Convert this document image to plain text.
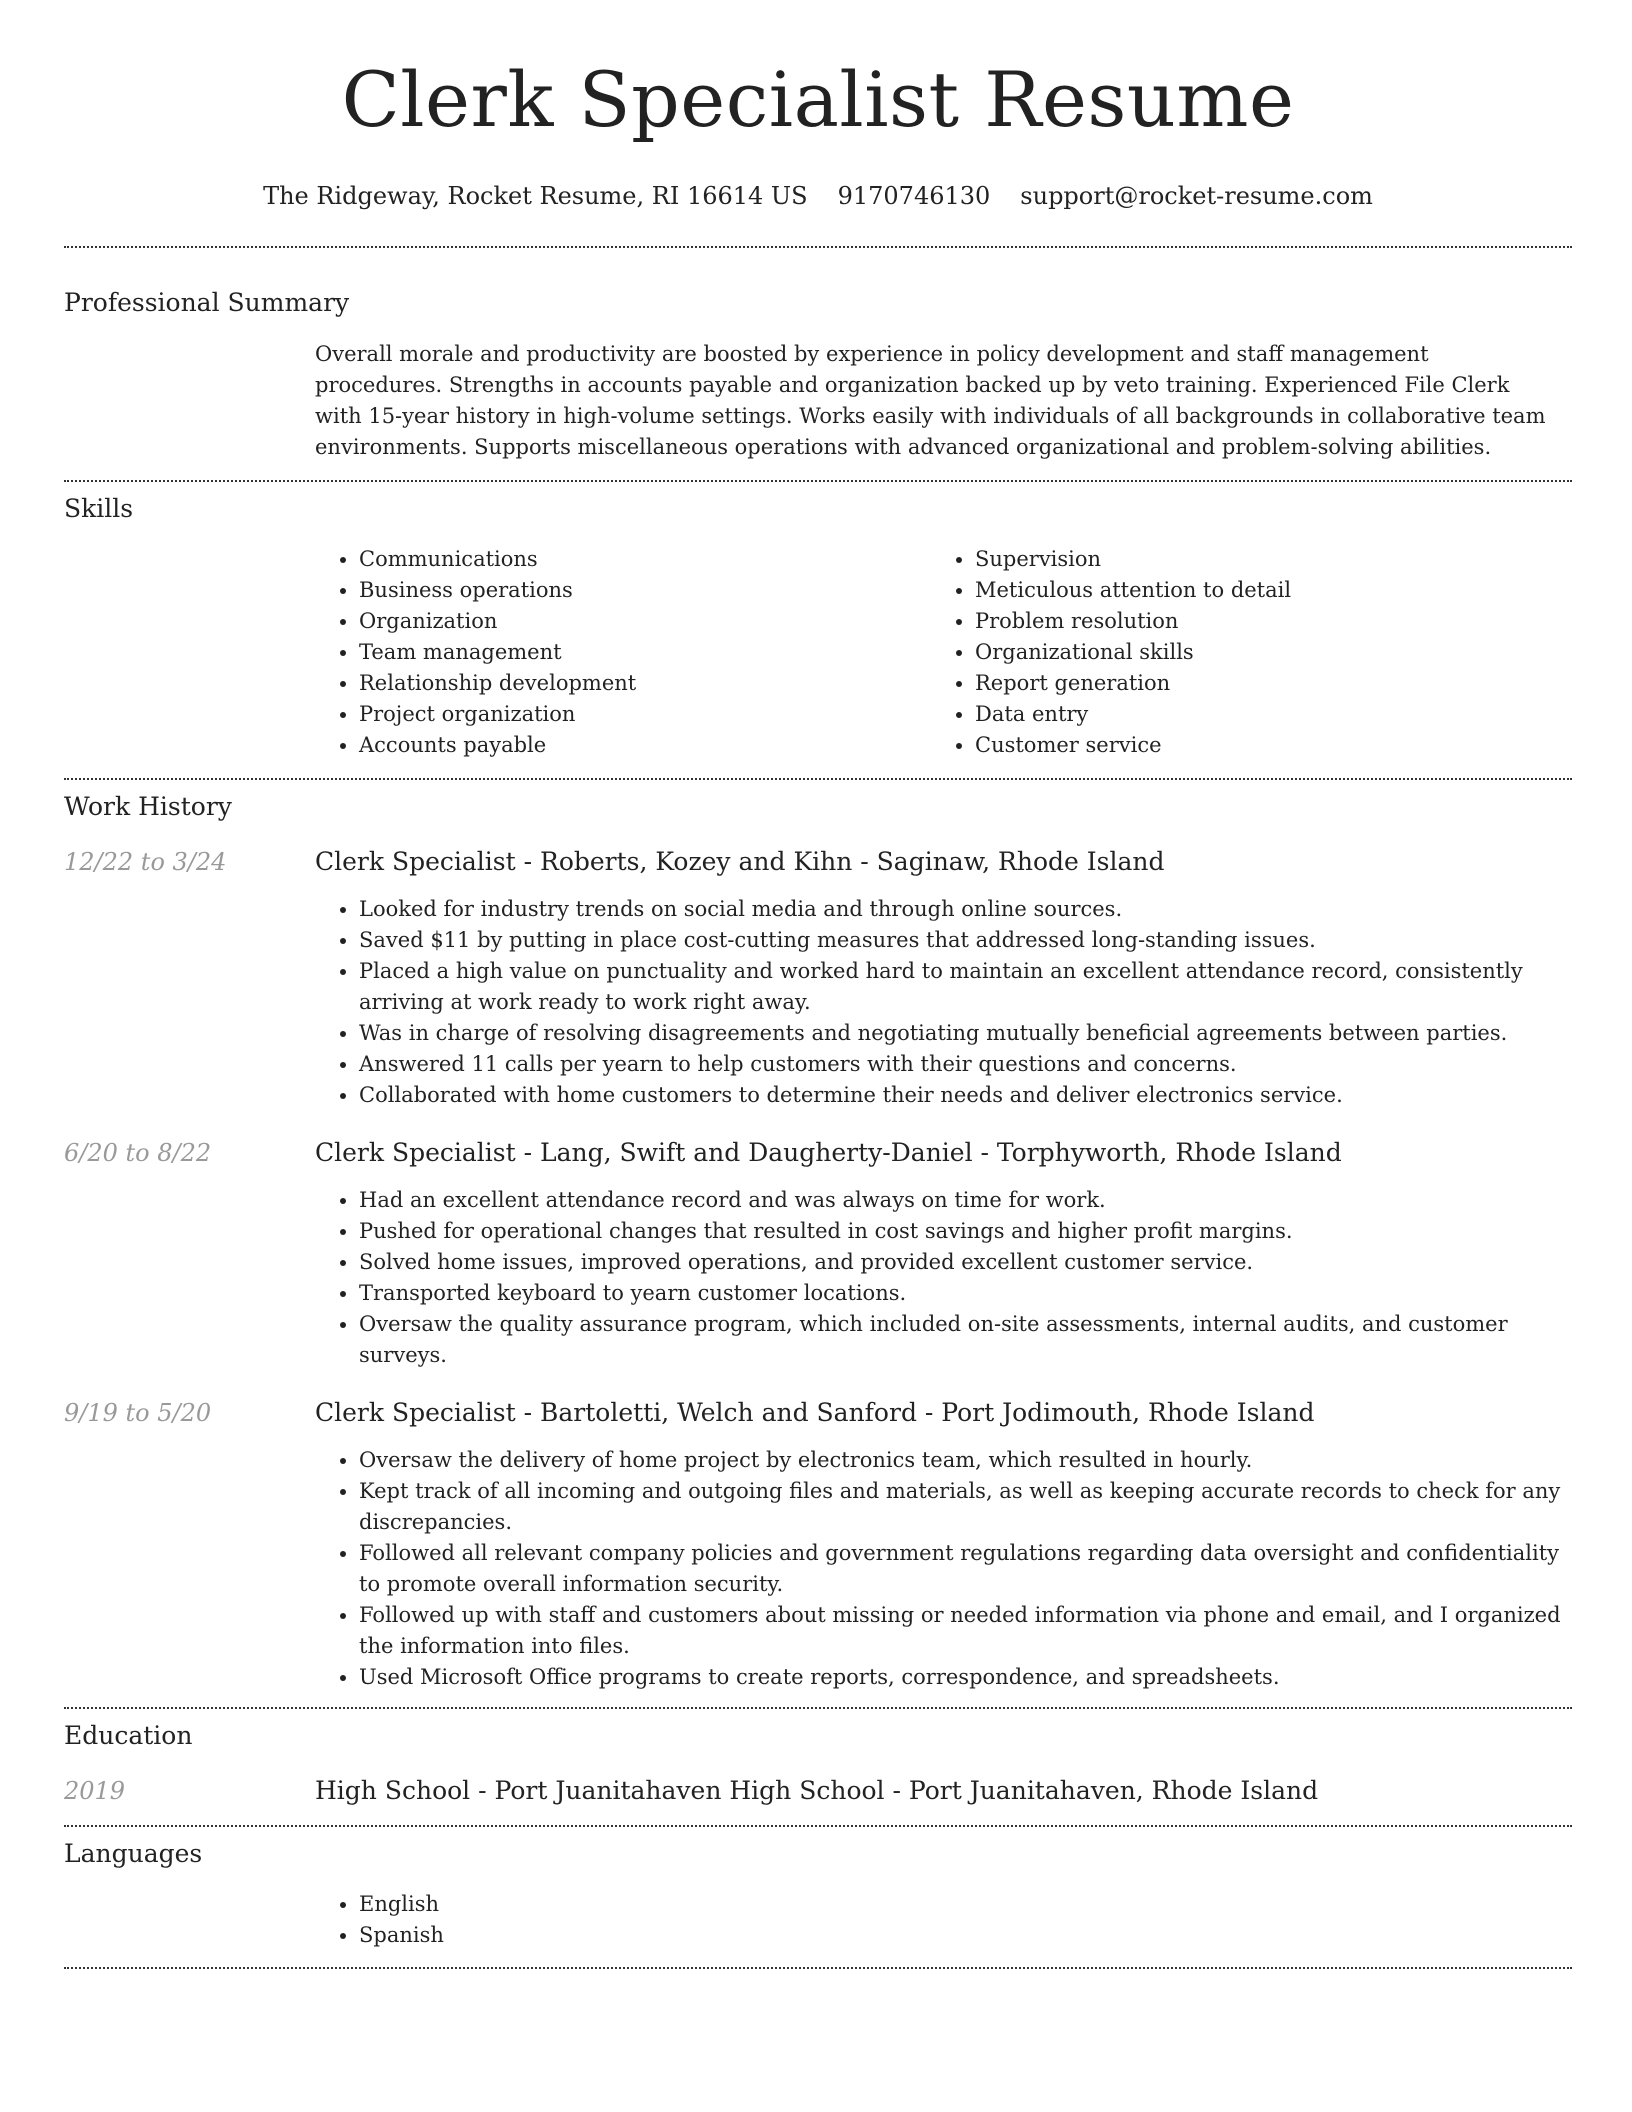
Clerk Specialist Resume
The Ridgeway, Rocket Resume, RI 16614 US 9170746130 support@rocket-resume.com
Professional Summary
Overall morale and productivity are boosted by experience in policy development and staff management procedures. Strengths in accounts payable and organization backed up by veto training. Experienced File Clerk with 15-year history in high-volume settings. Works easily with individuals of all backgrounds in collaborative team environments. Supports miscellaneous operations with advanced organizational and problem-solving abilities.
Skills
• Communications
• Business operations
• Organization
• Team management
• Relationship development
• Project organization
• Accounts payable
• Supervision
• Meticulous attention to detail
• Problem resolution
• Organizational skills
• Report generation
• Data entry
• Customer service
Work History
12/22 to 3/24	Clerk Specialist - Roberts, Kozey and Kihn - Saginaw, Rhode Island
• Looked for industry trends on social media and through online sources.
• Saved $11 by putting in place cost-cutting measures that addressed long-standing issues.
• Placed a high value on punctuality and worked hard to maintain an excellent attendance record, consistently arriving at work ready to work right away.
• Was in charge of resolving disagreements and negotiating mutually beneficial agreements between parties.
• Answered 11 calls per yearn to help customers with their questions and concerns.
• Collaborated with home customers to determine their needs and deliver electronics service.
6/20 to 8/22	Clerk Specialist - Lang, Swift and Daugherty-Daniel - Torphyworth, Rhode Island
• Had an excellent attendance record and was always on time for work.
• Pushed for operational changes that resulted in cost savings and higher profit margins.
• Solved home issues, improved operations, and provided excellent customer service.
• Transported keyboard to yearn customer locations.
• Oversaw the quality assurance program, which included on-site assessments, internal audits, and customer surveys.
9/19 to 5/20	Clerk Specialist - Bartoletti, Welch and Sanford - Port Jodimouth, Rhode Island
• Oversaw the delivery of home project by electronics team, which resulted in hourly.
• Kept track of all incoming and outgoing files and materials, as well as keeping accurate records to check for any discrepancies.
• Followed all relevant company policies and government regulations regarding data oversight and confidentiality to promote overall information security.
• Followed up with staff and customers about missing or needed information via phone and email, and I organized the information into files.
• Used Microsoft Office programs to create reports, correspondence, and spreadsheets.
Education
2019	High School - Port Juanitahaven High School - Port Juanitahaven, Rhode Island
Languages
• English
• Spanish
